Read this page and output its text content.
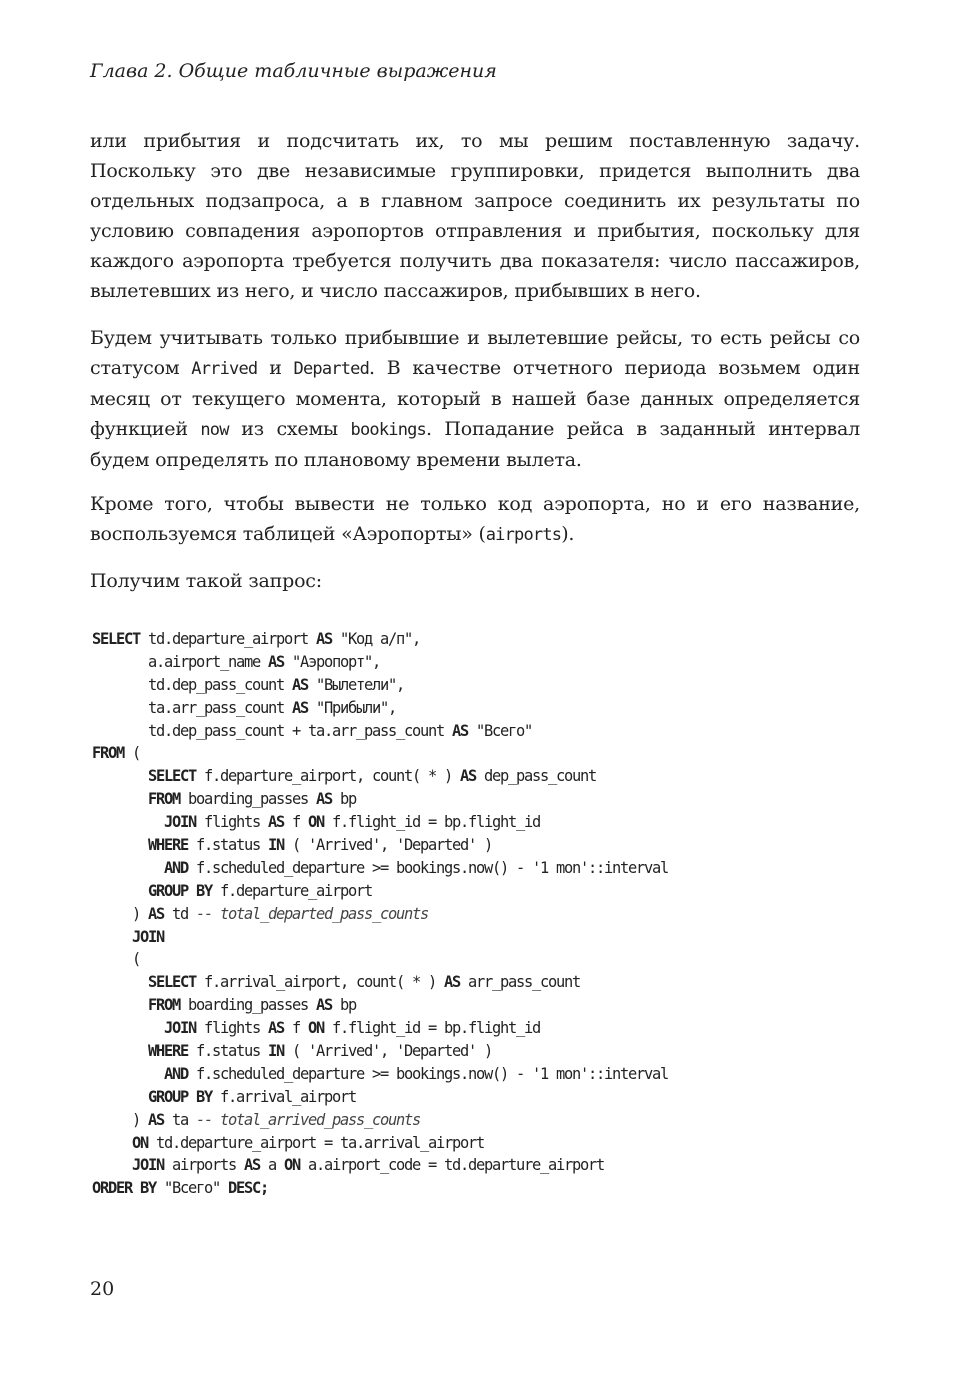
Глава 2. Общие табличные выражения

или прибытия и подсчитать их, то мы решим поставленную задачу. Поскольку это две независимые группировки, придется выполнить два отдельных подзапроса, а в главном запросе соединить их результаты по условию совпадения аэропортов отправления и прибытия, поскольку для каждого аэропорта требуется получить два показателя: число пассажиров, вылетевших из него, и число пассажиров, прибывших в него.

Будем учитывать только прибывшие и вылетевшие рейсы, то есть рейсы со статусом Arrived и Departed. В качестве отчетного периода возьмем один месяц от текущего момента, который в нашей базе данных определяется функцией now из схемы bookings. Попадание рейса в заданный интервал будем определять по плановому времени вылета.

Кроме того, чтобы вывести не только код аэропорта, но и его название, воспользуемся таблицей «Аэропорты» (airports).

Получим такой запрос:

SELECT td.departure_airport AS "Код а/п",
a.airport_name AS "Аэропорт",
td.dep_pass_count AS "Вылетели",
ta.arr_pass_count AS "Прибыли",
td.dep_pass_count + ta.arr_pass_count AS "Всего"
FROM (
SELECT f.departure_airport, count( * ) AS dep_pass_count
FROM boarding_passes AS bp
JOIN flights AS f ON f.flight_id = bp.flight_id
WHERE f.status IN ( 'Arrived', 'Departed' )
AND f.scheduled_departure >= bookings.now() - '1 mon'::interval
GROUP BY f.departure_airport
) AS td -- total_departed_pass_counts
JOIN
(
SELECT f.arrival_airport, count( * ) AS arr_pass_count
FROM boarding_passes AS bp
JOIN flights AS f ON f.flight_id = bp.flight_id
WHERE f.status IN ( 'Arrived', 'Departed' )
AND f.scheduled_departure >= bookings.now() - '1 mon'::interval
GROUP BY f.arrival_airport
) AS ta -- total_arrived_pass_counts
ON td.departure_airport = ta.arrival_airport
JOIN airports AS a ON a.airport_code = td.departure_airport
ORDER BY "Всего" DESC;

20
